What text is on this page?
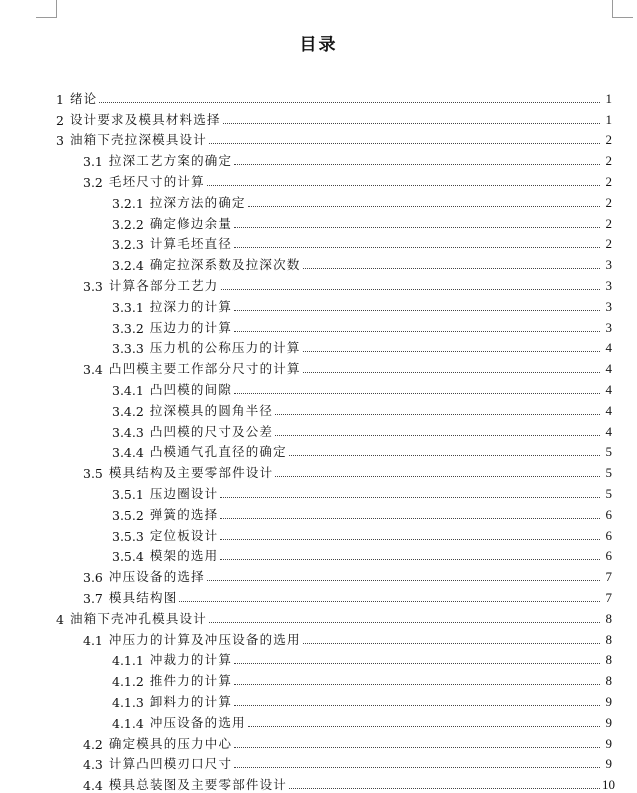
目录
1 绪论	1
2 设计要求及模具材料选择	1
3 油箱下壳拉深模具设计	2
3.1 拉深工艺方案的确定	2
3.2 毛坯尺寸的计算	2
3.2.1 拉深方法的确定	2
3.2.2 确定修边余量	2
3.2.3 计算毛坯直径	2
3.2.4 确定拉深系数及拉深次数	3
3.3 计算各部分工艺力	3
3.3.1 拉深力的计算	3
3.3.2 压边力的计算	3
3.3.3 压力机的公称压力的计算	4
3.4 凸凹模主要工作部分尺寸的计算	4
3.4.1 凸凹模的间隙	4
3.4.2 拉深模具的圆角半径	4
3.4.3 凸凹模的尺寸及公差	4
3.4.4 凸模通气孔直径的确定	5
3.5 模具结构及主要零部件设计	5
3.5.1 压边圈设计	5
3.5.2 弹簧的选择	6
3.5.3 定位板设计	6
3.5.4 模架的选用	6
3.6 冲压设备的选择	7
3.7 模具结构图	7
4 油箱下壳冲孔模具设计	8
4.1 冲压力的计算及冲压设备的选用	8
4.1.1 冲裁力的计算	8
4.1.2 推件力的计算	8
4.1.3 卸料力的计算	9
4.1.4 冲压设备的选用	9
4.2 确定模具的压力中心	9
4.3 计算凸凹模刃口尺寸	9
4.4 模具总装图及主要零部件设计	10
